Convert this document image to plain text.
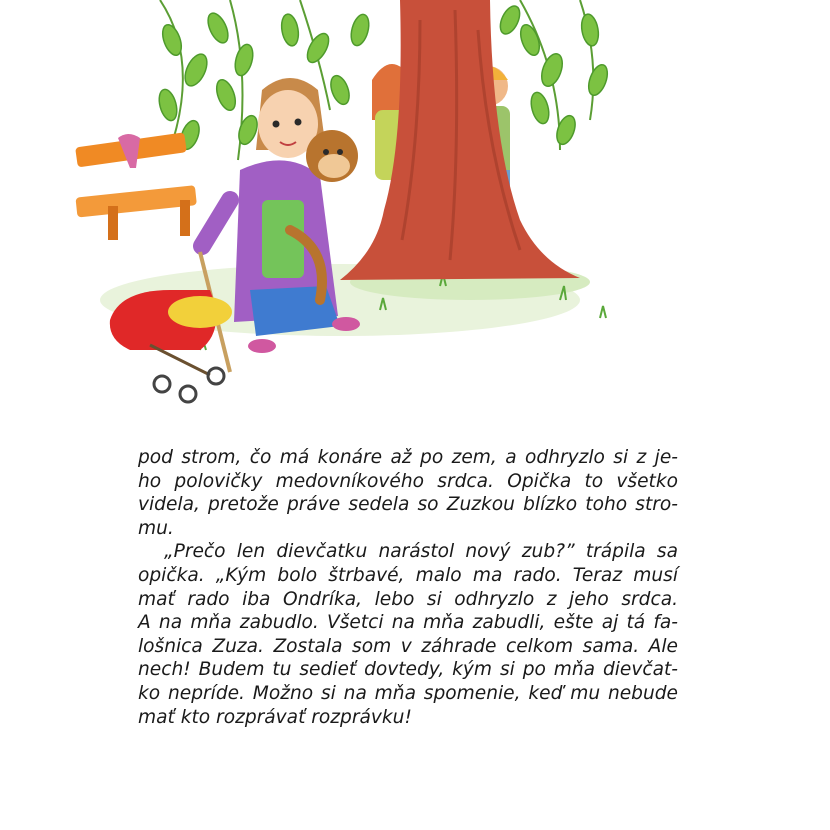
pod strom, čo má konáre až po zem, a odhryzlo si z je-
ho polovičky medovníkového srdca. Opička to všetko
videla, pretože práve sedela so Zuzkou blízko toho stro-
mu.
„Prečo len dievčatku narástol nový zub?” trápila sa
opička. „Kým bolo štrbavé, malo ma rado. Teraz musí
mať rado iba Ondríka, lebo si odhryzlo z jeho srdca.
A na mňa zabudlo. Všetci na mňa zabudli, ešte aj tá fa-
lošnica Zuza. Zostala som v záhrade celkom sama. Ale
nech! Budem tu sedieť dovtedy, kým si po mňa dievčat-
ko nepríde. Možno si na mňa spomenie, keď mu nebude
mať kto rozprávať rozprávku!
